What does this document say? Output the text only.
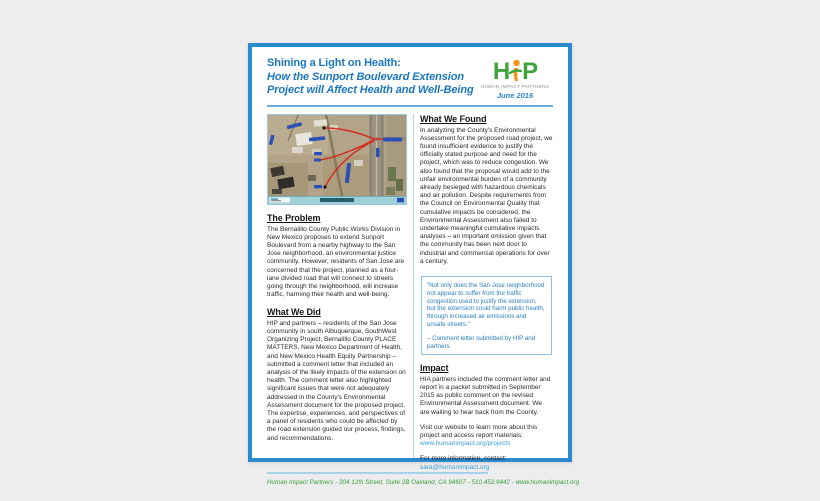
Shining a Light on Health:
How the Sunport Boulevard Extension
Project will Affect Health and Well-Being
H P
HUMAN IMPACT PARTNERS
June 2016
The Problem

The Bernalillo County Public Works Division in New Mexico proposes to extend Sunport Boulevard from a nearby highway to the San Jose neighborhood, an environmental justice community. However, residents of San Jose are concerned that the project, planned as a four-lane divided road that will connect to streets going through the neighborhood, will increase traffic, harming their health and well-being.

What We Did

HIP and partners – residents of the San Jose community in south Albuquerque, SouthWest Organizing Project, Bernalillo County PLACE MATTERS, New Mexico Department of Health, and New Mexico Health Equity Partnership – submitted a comment letter that included an analysis of the likely impacts of the extension on health. The comment letter also highlighted significant issues that were not adequately addressed in the County's Environmental Assessment document for the proposed project. The expertise, experiences, and perspectives of a panel of residents who could be affected by the road extension guided our process, findings, and recommendations.

What We Found

In analyzing the County's Environmental Assessment for the proposed road project, we found insufficient evidence to justify the officially stated purpose and need for the project, which was to reduce congestion. We also found that the proposal would add to the unfair environmental burden of a community already besieged with hazardous chemicals and air pollution. Despite requirements from the Council on Environmental Quality that cumulative impacts be considered, the Environmental Assessment also failed to undertake meaningful cumulative impacts analyses – an important omission given that the community has been next door to industrial and commercial operations for over a century.

"Not only does the San Jose neighborhood not appear to suffer from the traffic congestion used to justify the extension, but the extension could harm public health, through increased air emissions and unsafe streets."
– Comment letter submitted by HIP and partners
Impact

HIA partners included the comment letter and report in a packet submitted in September 2015 as public comment on the revised Environmental Assessment document. We are waiting to hear back from the County.

Visit our website to learn more about this project and access report materials:
www.humanimpact.org/projects

For more information, contact:
sara@humanimpact.org

Human Impact Partners - 304 12th Street, Suite 2B Oakland, CA 94607 - 510.452.9442 - www.humanimpact.org
